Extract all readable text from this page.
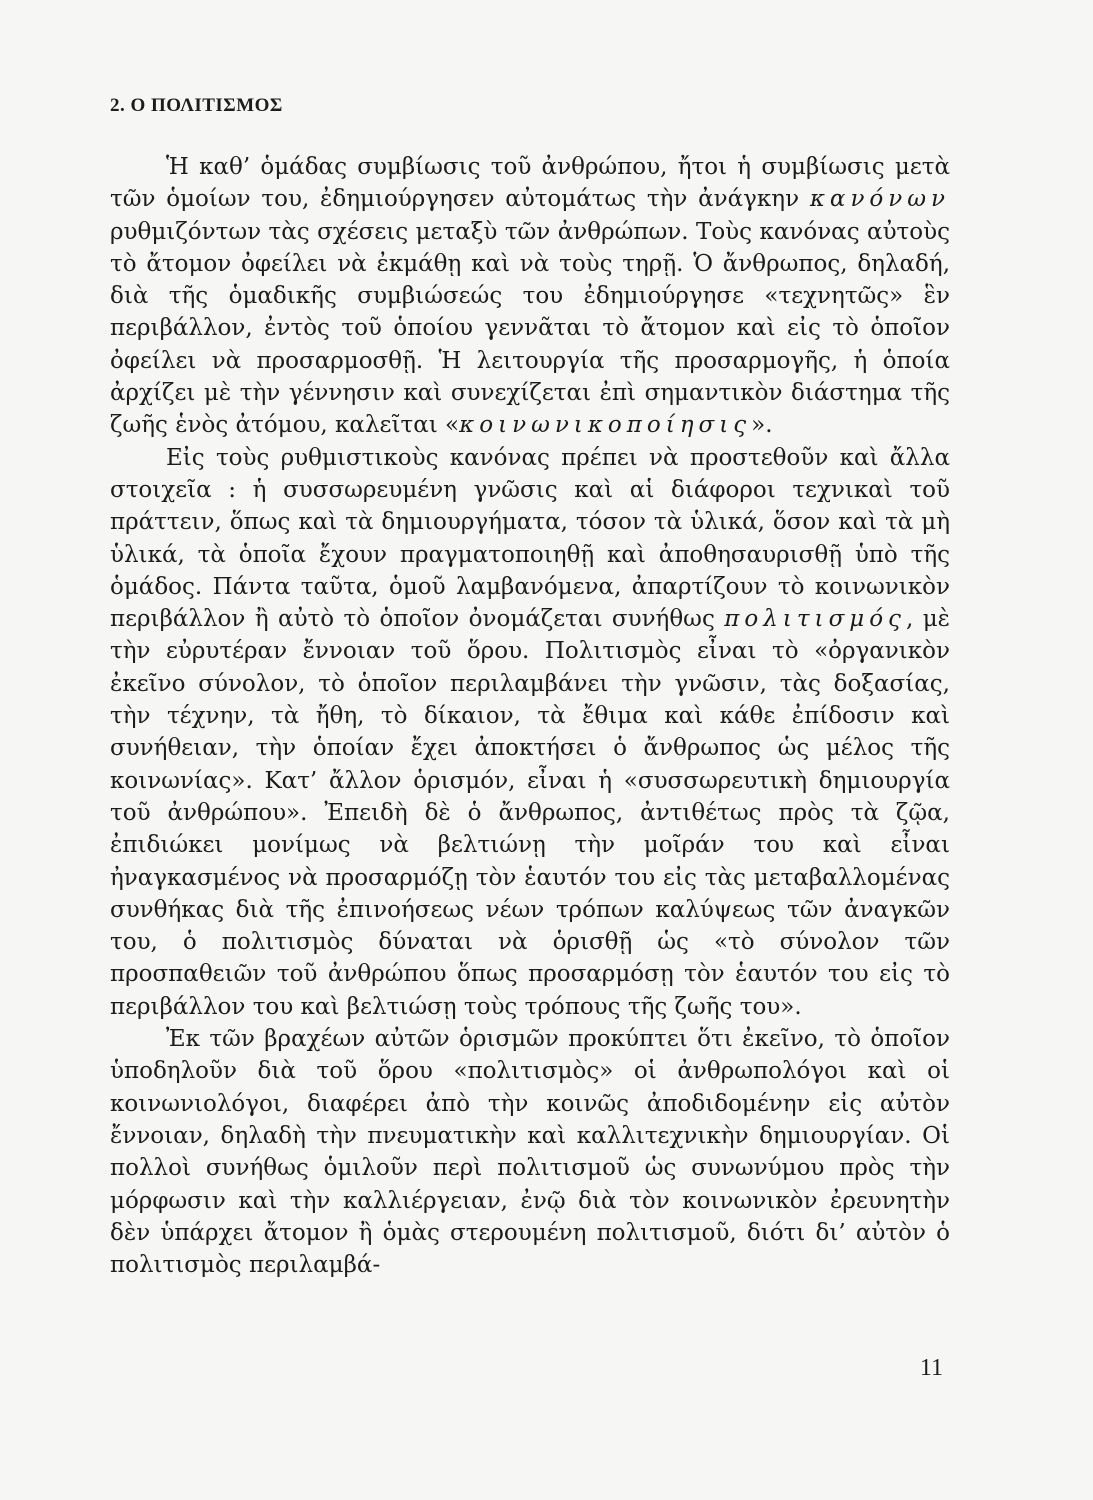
2. Ο ΠΟΛΙΤΙΣΜΟΣ

Ἡ καθ’ ὁμάδας συμβίωσις τοῦ ἀνθρώπου, ἤτοι ἡ συμβίωσις μετὰ τῶν ὁμοίων του, ἐδημιούργησεν αὐτομάτως τὴν ἀνάγκην κανόνων ρυθμιζόντων τὰς σχέσεις μεταξὺ τῶν ἀνθρώπων. Τοὺς κανόνας αὐτοὺς τὸ ἄτομον ὀφείλει νὰ ἐκμάθῃ καὶ νὰ τοὺς τηρῇ. Ὁ ἄνθρωπος, δηλαδή, διὰ τῆς ὁμαδικῆς συμβιώσεώς του ἐδημιούργησε «τεχνητῶς» ἓν περιβάλλον, ἐντὸς τοῦ ὁποίου γεννᾶται τὸ ἄτομον καὶ εἰς τὸ ὁποῖον ὀφείλει νὰ προσαρμοσθῇ. Ἡ λειτουργία τῆς προσαρμογῆς, ἡ ὁποία ἀρχίζει μὲ τὴν γέννησιν καὶ συνεχίζεται ἐπὶ σημαντικὸν διάστημα τῆς ζωῆς ἑνὸς ἀτόμου, καλεῖται «κοινωνικοποίησις».

Εἰς τοὺς ρυθμιστικοὺς κανόνας πρέπει νὰ προστεθοῦν καὶ ἄλλα στοιχεῖα : ἡ συσσωρευμένη γνῶσις καὶ αἱ διάφοροι τεχνικαὶ τοῦ πράττειν, ὅπως καὶ τὰ δημιουργήματα, τόσον τὰ ὑλικά, ὅσον καὶ τὰ μὴ ὑλικά, τὰ ὁποῖα ἔχουν πραγματοποιηθῇ καὶ ἀποθησαυρισθῇ ὑπὸ τῆς ὁμάδος. Πάντα ταῦτα, ὁμοῦ λαμβανόμενα, ἀπαρτίζουν τὸ κοινωνικὸν περιβάλλον ἢ αὐτὸ τὸ ὁποῖον ὀνομάζεται συνήθως πολιτισμός, μὲ τὴν εὐρυτέραν ἔννοιαν τοῦ ὅρου. Πολιτισμὸς εἶναι τὸ «ὀργανικὸν ἐκεῖνο σύνολον, τὸ ὁποῖον περιλαμβάνει τὴν γνῶσιν, τὰς δοξασίας, τὴν τέχνην, τὰ ἤθη, τὸ δίκαιον, τὰ ἔθιμα καὶ κάθε ἐπίδοσιν καὶ συνήθειαν, τὴν ὁποίαν ἔχει ἀποκτήσει ὁ ἄνθρωπος ὡς μέλος τῆς κοινωνίας». Κατ’ ἄλλον ὁρισμόν, εἶναι ἡ «συσσωρευτικὴ δημιουργία τοῦ ἀνθρώπου». Ἐπειδὴ δὲ ὁ ἄνθρωπος, ἀντιθέτως πρὸς τὰ ζῷα, ἐπιδιώκει μονίμως νὰ βελτιώνῃ τὴν μοῖράν του καὶ εἶναι ἠναγκασμένος νὰ προσαρμόζῃ τὸν ἑαυτόν του εἰς τὰς μεταβαλλομένας συνθήκας διὰ τῆς ἐπινοήσεως νέων τρόπων καλύψεως τῶν ἀναγκῶν του, ὁ πολιτισμὸς δύναται νὰ ὁρισθῇ ὡς «τὸ σύνολον τῶν προσπαθειῶν τοῦ ἀνθρώπου ὅπως προσαρμόσῃ τὸν ἑαυτόν του εἰς τὸ περιβάλλον του καὶ βελτιώσῃ τοὺς τρόπους τῆς ζωῆς του».

Ἐκ τῶν βραχέων αὐτῶν ὁρισμῶν προκύπτει ὅτι ἐκεῖνο, τὸ ὁποῖον ὑποδηλοῦν διὰ τοῦ ὅρου «πολιτισμὸς» οἱ ἀνθρωπολόγοι καὶ οἱ κοινωνιολόγοι, διαφέρει ἀπὸ τὴν κοινῶς ἀποδιδομένην εἰς αὐτὸν ἔννοιαν, δηλαδὴ τὴν πνευματικὴν καὶ καλλιτεχνικὴν δημιουργίαν. Οἱ πολλοὶ συνήθως ὁμιλοῦν περὶ πολιτισμοῦ ὡς συνωνύμου πρὸς τὴν μόρφωσιν καὶ τὴν καλλιέργειαν, ἐνῷ διὰ τὸν κοινωνικὸν ἐρευνητὴν δὲν ὑπάρχει ἄτομον ἢ ὁμὰς στερουμένη πολιτισμοῦ, διότι δι’ αὐτὸν ὁ πολιτισμὸς περιλαμβά-

11
